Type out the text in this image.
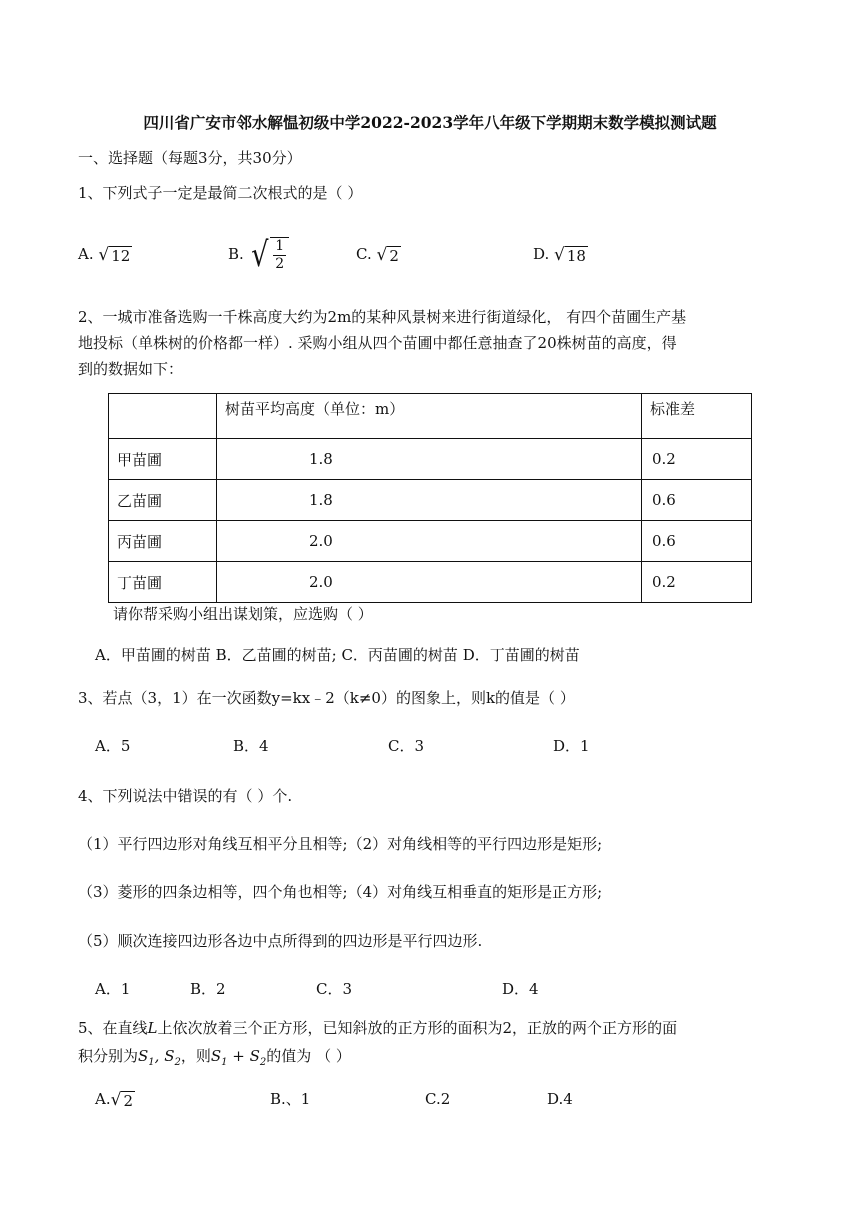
四川省广安市邻水解愠初级中学2022-2023学年八年级下学期期末数学模拟测试题
一、选择题（每题3分，共30分）
1、下列式子一定是最简二次根式的是（ ）
A. √ 12	B. √ $\frac{1}{2}$	C. √ 2	D. √ 18
2、一城市准备选购一千株高度大约为2m的某种风景树来进行街道绿化， 有四个苗圃生产基
地投标（单株树的价格都一样）. 采购小组从四个苗圃中都任意抽查了20株树苗的高度，得
到的数据如下：
	树苗平均高度（单位：m）	标准差
甲苗圃	1.8	0.2
乙苗圃	1.8	0.6
丙苗圃	2.0	0.6
丁苗圃	2.0	0.2
请你帮采购小组出谋划策，应选购（ ）
A．甲苗圃的树苗 B．乙苗圃的树苗; C．丙苗圃的树苗 D．丁苗圃的树苗
3、若点（3，1）在一次函数y=kx﹣2（k≠0）的图象上，则k的值是（ ）
A．5	B．4	C．3	D．1
4、下列说法中错误的有（ ）个.
（1）平行四边形对角线互相平分且相等;（2）对角线相等的平行四边形是矩形;
（3）菱形的四条边相等，四个角也相等;（4）对角线互相垂直的矩形是正方形;
（5）顺次连接四边形各边中点所得到的四边形是平行四边形.
A．1	B．2	C．3	D．4
5、在直线L上依次放着三个正方形，已知斜放的正方形的面积为2，正放的两个正方形的面
积分别为$S_1$, $S_2$，则$S_1 + S_2$的值为 （ ）
A. √ 2	B.、1	C.2	D.4
